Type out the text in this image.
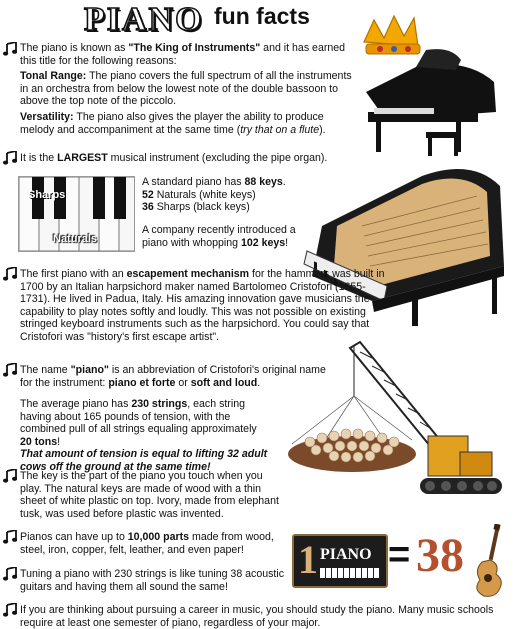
PIANO fun facts
The piano is known as "The King of Instruments" and it has earned this title for the following reasons:
Tonal Range: The piano covers the full spectrum of all the instruments in an orchestra from below the lowest note of the double bassoon to above the top note of the piccolo.
Versatility: The piano also gives the player the ability to produce melody and accompaniment at the same time (try that on a flute).
It is the LARGEST musical instrument (excluding the pipe organ).
Sharps
Naturals
A standard piano has 88 keys.
52 Naturals (white keys)
36 Sharps (black keys)
A company recently introduced a piano with whopping 102 keys!
The first piano with an escapement mechanism for the hammers was built in 1700 by an Italian harpsichord maker named Bartolomeo Cristofori (1655-1731). He lived in Padua, Italy. His amazing innovation gave musicians the capability to play notes softly and loudly. This was not possible on existing stringed keyboard instruments such as the harpsichord. You could say that Cristofori was "history's first escape artist".
The name "piano" is an abbreviation of Cristofori's original name for the instrument: piano et forte or soft and loud.
The average piano has 230 strings, each string having about 165 pounds of tension, with the combined pull of all strings equaling approximately 20 tons!
That amount of tension is equal to lifting 32 adult cows off the ground at the same time!
The key is the part of the piano you touch when you play. The natural keys are made of wood with a thin sheet of white plastic on top. Ivory, made from elephant tusk, was used before plastic was invented.
Pianos can have up to 10,000 parts made from wood, steel, iron, copper, felt, leather, and even paper!
Tuning a piano with 230 strings is like tuning 38 acoustic guitars and having them all sound the same!
1 PIANO = 38
If you are thinking about pursuing a career in music, you should study the piano. Many music schools require at least one semester of piano, regardless of your major.
